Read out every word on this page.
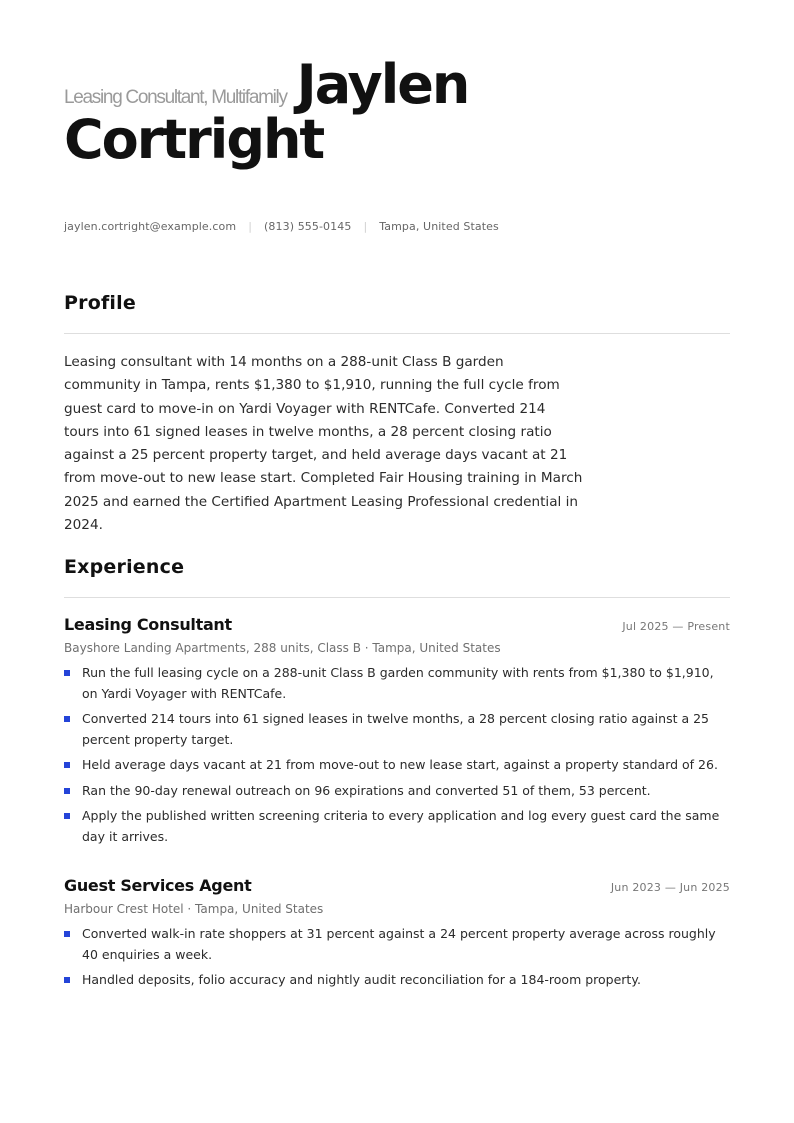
Leasing Consultant, Multifamily Jaylen
Cortright
jaylen.cortright@example.com | (813) 555-0145 | Tampa, United States
Profile
Leasing consultant with 14 months on a 288-unit Class B garden community in Tampa, rents $1,380 to $1,910, running the full cycle from guest card to move-in on Yardi Voyager with RENTCafe. Converted 214 tours into 61 signed leases in twelve months, a 28 percent closing ratio against a 25 percent property target, and held average days vacant at 21 from move-out to new lease start. Completed Fair Housing training in March 2025 and earned the Certified Apartment Leasing Professional credential in 2024.
Experience
Leasing Consultant	Jul 2025 — Present
Bayshore Landing Apartments, 288 units, Class B · Tampa, United States
Run the full leasing cycle on a 288-unit Class B garden community with rents from $1,380 to $1,910, on Yardi Voyager with RENTCafe.
Converted 214 tours into 61 signed leases in twelve months, a 28 percent closing ratio against a 25 percent property target.
Held average days vacant at 21 from move-out to new lease start, against a property standard of 26.
Ran the 90-day renewal outreach on 96 expirations and converted 51 of them, 53 percent.
Apply the published written screening criteria to every application and log every guest card the same day it arrives.
Guest Services Agent	Jun 2023 — Jun 2025
Harbour Crest Hotel · Tampa, United States
Converted walk-in rate shoppers at 31 percent against a 24 percent property average across roughly 40 enquiries a week.
Handled deposits, folio accuracy and nightly audit reconciliation for a 184-room property.
